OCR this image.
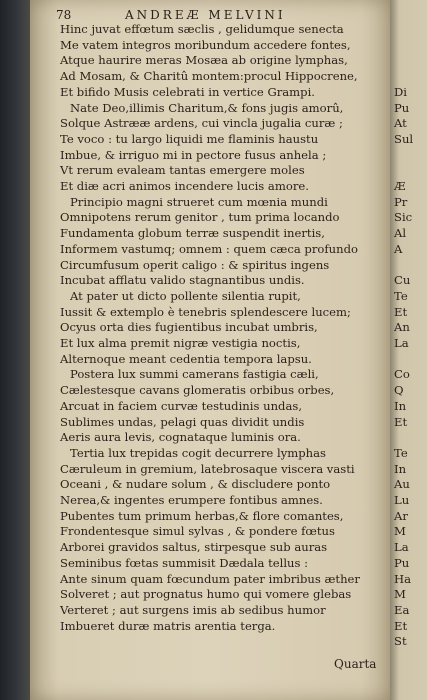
78	ANDREÆ MELVINI
Hinc juvat effœtum sæclis , gelidumque senecta
Me vatem integros moribundum accedere fontes,
Atque haurire meras Mosæa ab origine lymphas,
Ad Mosam, & Charitû montem:procul Hippocrene,
Et bifido Musis celebrati in vertice Grampi.
Nate Deo,illimis Charitum,& fons jugis amorû,
Solque Astrææ ardens, cui vincla jugalia curæ ;
Te voco : tu largo liquidi me flaminis haustu
Imbue, & irriguo mi in pectore fusus anhela ;
Vt rerum evaleam tantas emergere moles
Et diæ acri animos incendere lucis amore.
Principio magni strueret cum mœnia mundi
Omnipotens rerum genitor , tum prima locando
Fundamenta globum terræ suspendit inertis,
Informem vastumq; omnem : quem cæca profundo
Circumfusum operit caligo : & spiritus ingens
Incubat afflatu valido stagnantibus undis.
At pater ut dicto pollente silentia rupit,
Iussit & extemplo è tenebris splendescere lucem;
Ocyus orta dies fugientibus incubat umbris,
Et lux alma premit nigræ vestigia noctis,
Alternoque meant cedentia tempora lapsu.
Postera lux summi camerans fastigia cæli,
Cælestesque cavans glomeratis orbibus orbes,
Arcuat in faciem curvæ testudinis undas,
Sublimes undas, pelagi quas dividit undis
Aeris aura levis, cognataque luminis ora.
Tertia lux trepidas cogit decurrere lymphas
Cæruleum in gremium, latebrosaque viscera vasti
Oceani , & nudare solum , & discludere ponto
Nerea,& ingentes erumpere fontibus amnes.
Pubentes tum primum herbas,& flore comantes,
Frondentesque simul sylvas , & pondere fœtus
Arborei gravidos saltus, stirpesque sub auras
Seminibus fœtas summisit Dædala tellus :
Ante sinum quam fœcundum pater imbribus æther
Solveret ; aut prognatus humo qui vomere glebas
Verteret ; aut surgens imis ab sedibus humor
Imbueret duræ matris arentia terga.
Quarta
Di
Pu
At
Sul
Æ
Pr
Sic
Al
A
Cu
Te
Et
An
La
Co
Q
In
Et
Te
In
Au
Lu
Ar
M
La
Pu
Ha
M
Ea
Et
St
